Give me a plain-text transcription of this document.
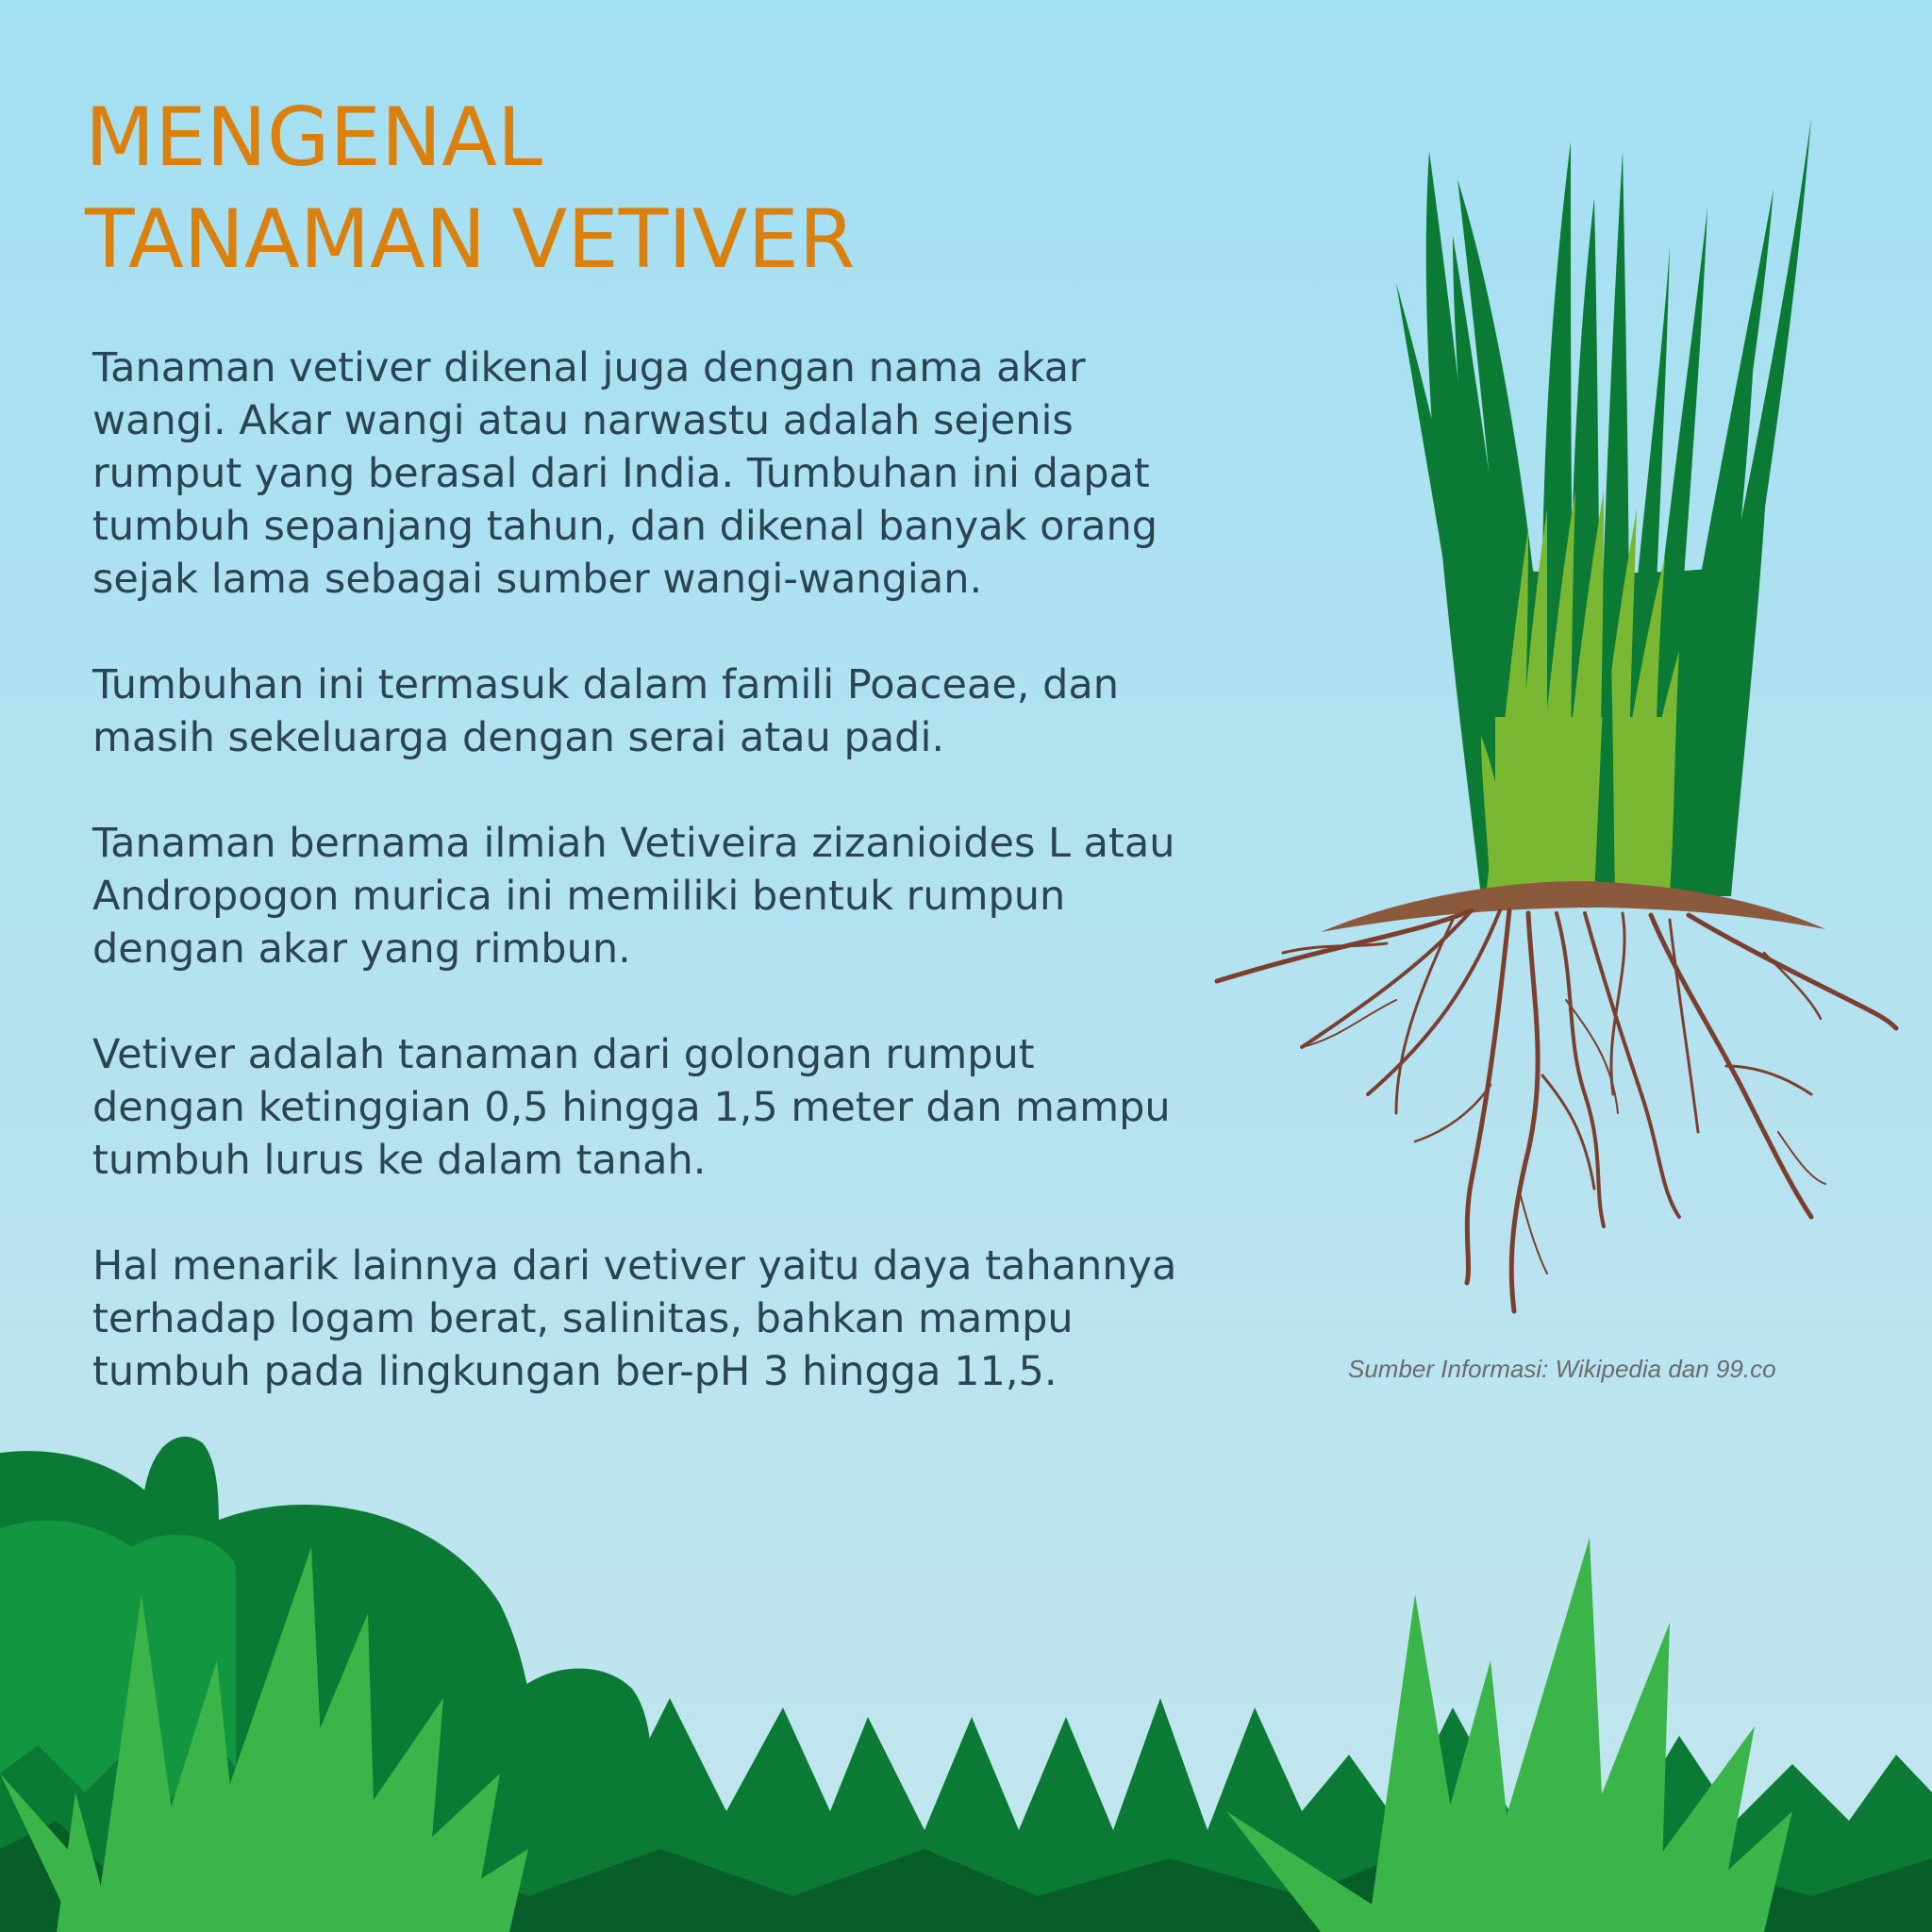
MENGENAL
TANAMAN VETIVER

Tanaman vetiver dikenal juga dengan nama akar
wangi. Akar wangi atau narwastu adalah sejenis
rumput yang berasal dari India. Tumbuhan ini dapat
tumbuh sepanjang tahun, dan dikenal banyak orang
sejak lama sebagai sumber wangi-wangian.

Tumbuhan ini termasuk dalam famili Poaceae, dan
masih sekeluarga dengan serai atau padi.

Tanaman bernama ilmiah Vetiveira zizanioides L atau
Andropogon murica ini memiliki bentuk rumpun
dengan akar yang rimbun.

Vetiver adalah tanaman dari golongan rumput
dengan ketinggian 0,5 hingga 1,5 meter dan mampu
tumbuh lurus ke dalam tanah.

Hal menarik lainnya dari vetiver yaitu daya tahannya
terhadap logam berat, salinitas, bahkan mampu
tumbuh pada lingkungan ber-pH 3 hingga 11,5.	Sumber Informasi: Wikipedia dan 99.co
